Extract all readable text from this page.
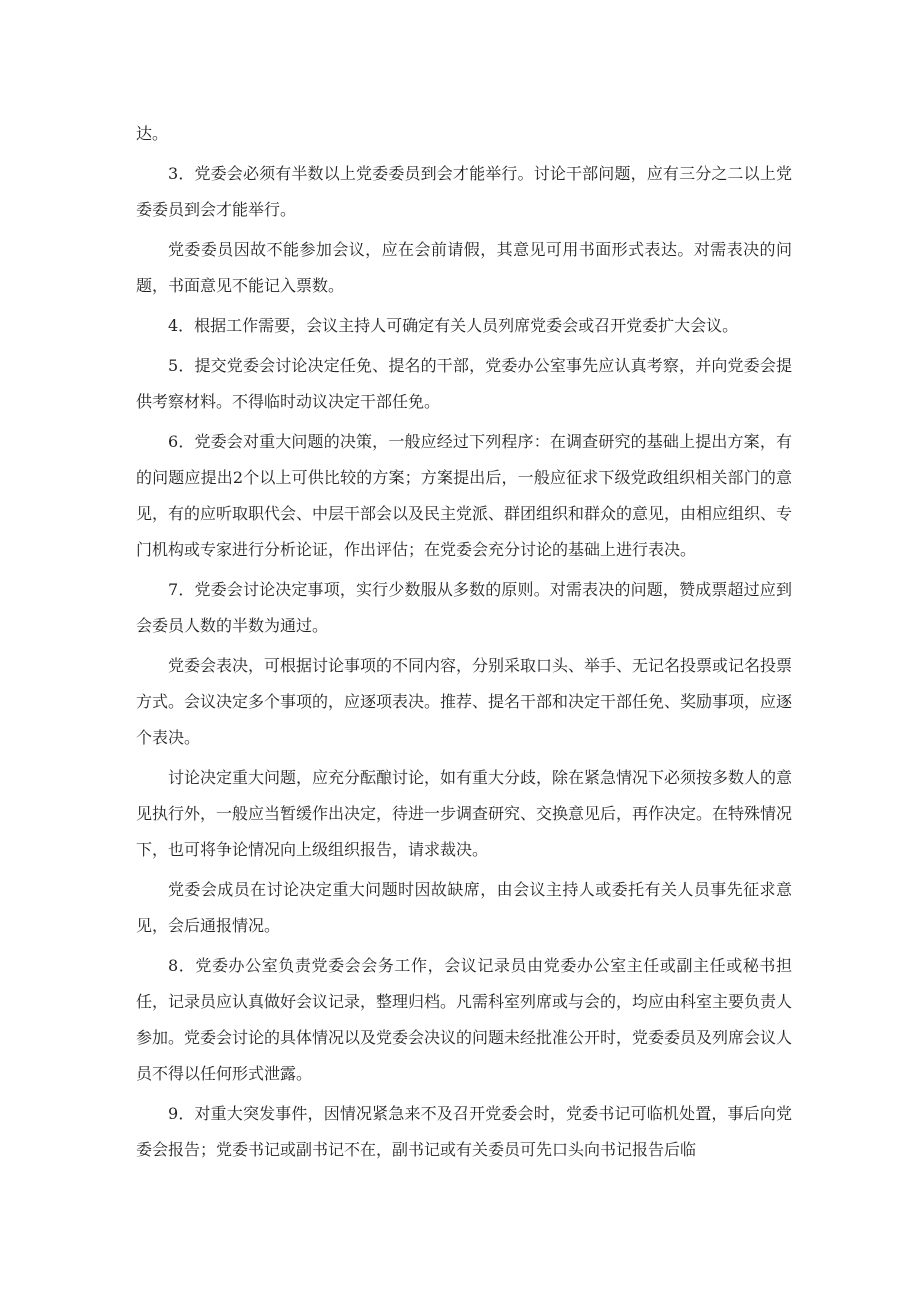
达。

3．党委会必须有半数以上党委委员到会才能举行。讨论干部问题，应有三分之二以上党委委员到会才能举行。

党委委员因故不能参加会议，应在会前请假，其意见可用书面形式表达。对需表决的问题，书面意见不能记入票数。

4．根据工作需要，会议主持人可确定有关人员列席党委会或召开党委扩大会议。

5．提交党委会讨论决定任免、提名的干部，党委办公室事先应认真考察，并向党委会提供考察材料。不得临时动议决定干部任免。

6．党委会对重大问题的决策，一般应经过下列程序：在调查研究的基础上提出方案，有的问题应提出2个以上可供比较的方案；方案提出后，一般应征求下级党政组织相关部门的意见，有的应听取职代会、中层干部会以及民主党派、群团组织和群众的意见，由相应组织、专门机构或专家进行分析论证，作出评估；在党委会充分讨论的基础上进行表决。

7．党委会讨论决定事项，实行少数服从多数的原则。对需表决的问题，赞成票超过应到会委员人数的半数为通过。

党委会表决，可根据讨论事项的不同内容，分别采取口头、举手、无记名投票或记名投票方式。会议决定多个事项的，应逐项表决。推荐、提名干部和决定干部任免、奖励事项，应逐个表决。

讨论决定重大问题，应充分酝酿讨论，如有重大分歧，除在紧急情况下必须按多数人的意见执行外，一般应当暂缓作出决定，待进一步调查研究、交换意见后，再作决定。在特殊情况下，也可将争论情况向上级组织报告，请求裁决。

党委会成员在讨论决定重大问题时因故缺席，由会议主持人或委托有关人员事先征求意见，会后通报情况。

8．党委办公室负责党委会会务工作，会议记录员由党委办公室主任或副主任或秘书担任，记录员应认真做好会议记录，整理归档。凡需科室列席或与会的，均应由科室主要负责人参加。党委会讨论的具体情况以及党委会决议的问题未经批准公开时，党委委员及列席会议人员不得以任何形式泄露。

9．对重大突发事件，因情况紧急来不及召开党委会时，党委书记可临机处置，事后向党委会报告；党委书记或副书记不在，副书记或有关委员可先口头向书记报告后临
